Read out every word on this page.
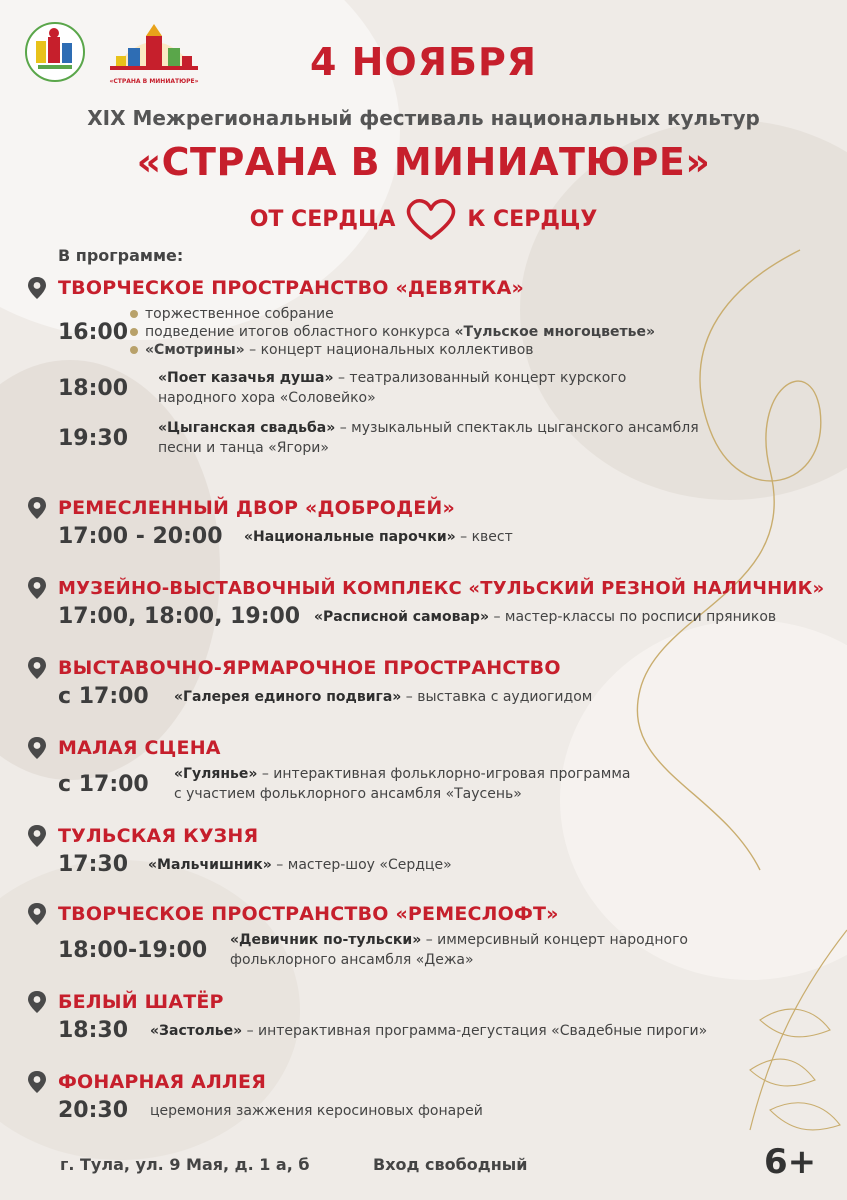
«СТРАНА В МИНИАТЮРЕ»	4 НОЯБРЯ
XIX Межрегиональный фестиваль национальных культур
«СТРАНА В МИНИАТЮРЕ»
ОТ СЕРДЦА	К СЕРДЦУ
В программе:
ТВОРЧЕСКОЕ ПРОСТРАНСТВО «ДЕВЯТКА»
16:00
торжественное собрание
подведение итогов областного конкурса «Тульское многоцветье»
«Смотрины» – концерт национальных коллективов
18:00	«Поет казачья душа» – театрализованный концерт курского
народного хора «Соловейко»
19:30	«Цыганская свадьба» – музыкальный спектакль цыганского ансамбля
песни и танца «Ягори»
РЕМЕСЛЕННЫЙ ДВОР «ДОБРОДЕЙ»
17:00 - 20:00	«Национальные парочки» – квест
МУЗЕЙНО-ВЫСТАВОЧНЫЙ КОМПЛЕКС «ТУЛЬСКИЙ РЕЗНОЙ НАЛИЧНИК»
17:00, 18:00, 19:00 «Расписной самовар» – мастер-классы по росписи пряников
ВЫСТАВОЧНО-ЯРМАРОЧНОЕ ПРОСТРАНСТВО
с 17:00	«Галерея единого подвига» – выставка с аудиогидом
МАЛАЯ СЦЕНА
с 17:00	«Гулянье» – интерактивная фольклорно-игровая программа
с участием фольклорного ансамбля «Таусень»
ТУЛЬСКАЯ КУЗНЯ
17:30	«Мальчишник» – мастер-шоу «Сердце»
ТВОРЧЕСКОЕ ПРОСТРАНСТВО «РЕМЕСЛОФТ»
18:00-19:00	«Девичник по-тульски» – иммерсивный концерт народного
фольклорного ансамбля «Дежа»
БЕЛЫЙ ШАТЁР
18:30	«Застолье» – интерактивная программа-дегустация «Свадебные пироги»
ФОНАРНАЯ АЛЛЕЯ
20:30	церемония зажжения керосиновых фонарей
г. Тула, ул. 9 Мая, д. 1 а, б	Вход свободный	6+
